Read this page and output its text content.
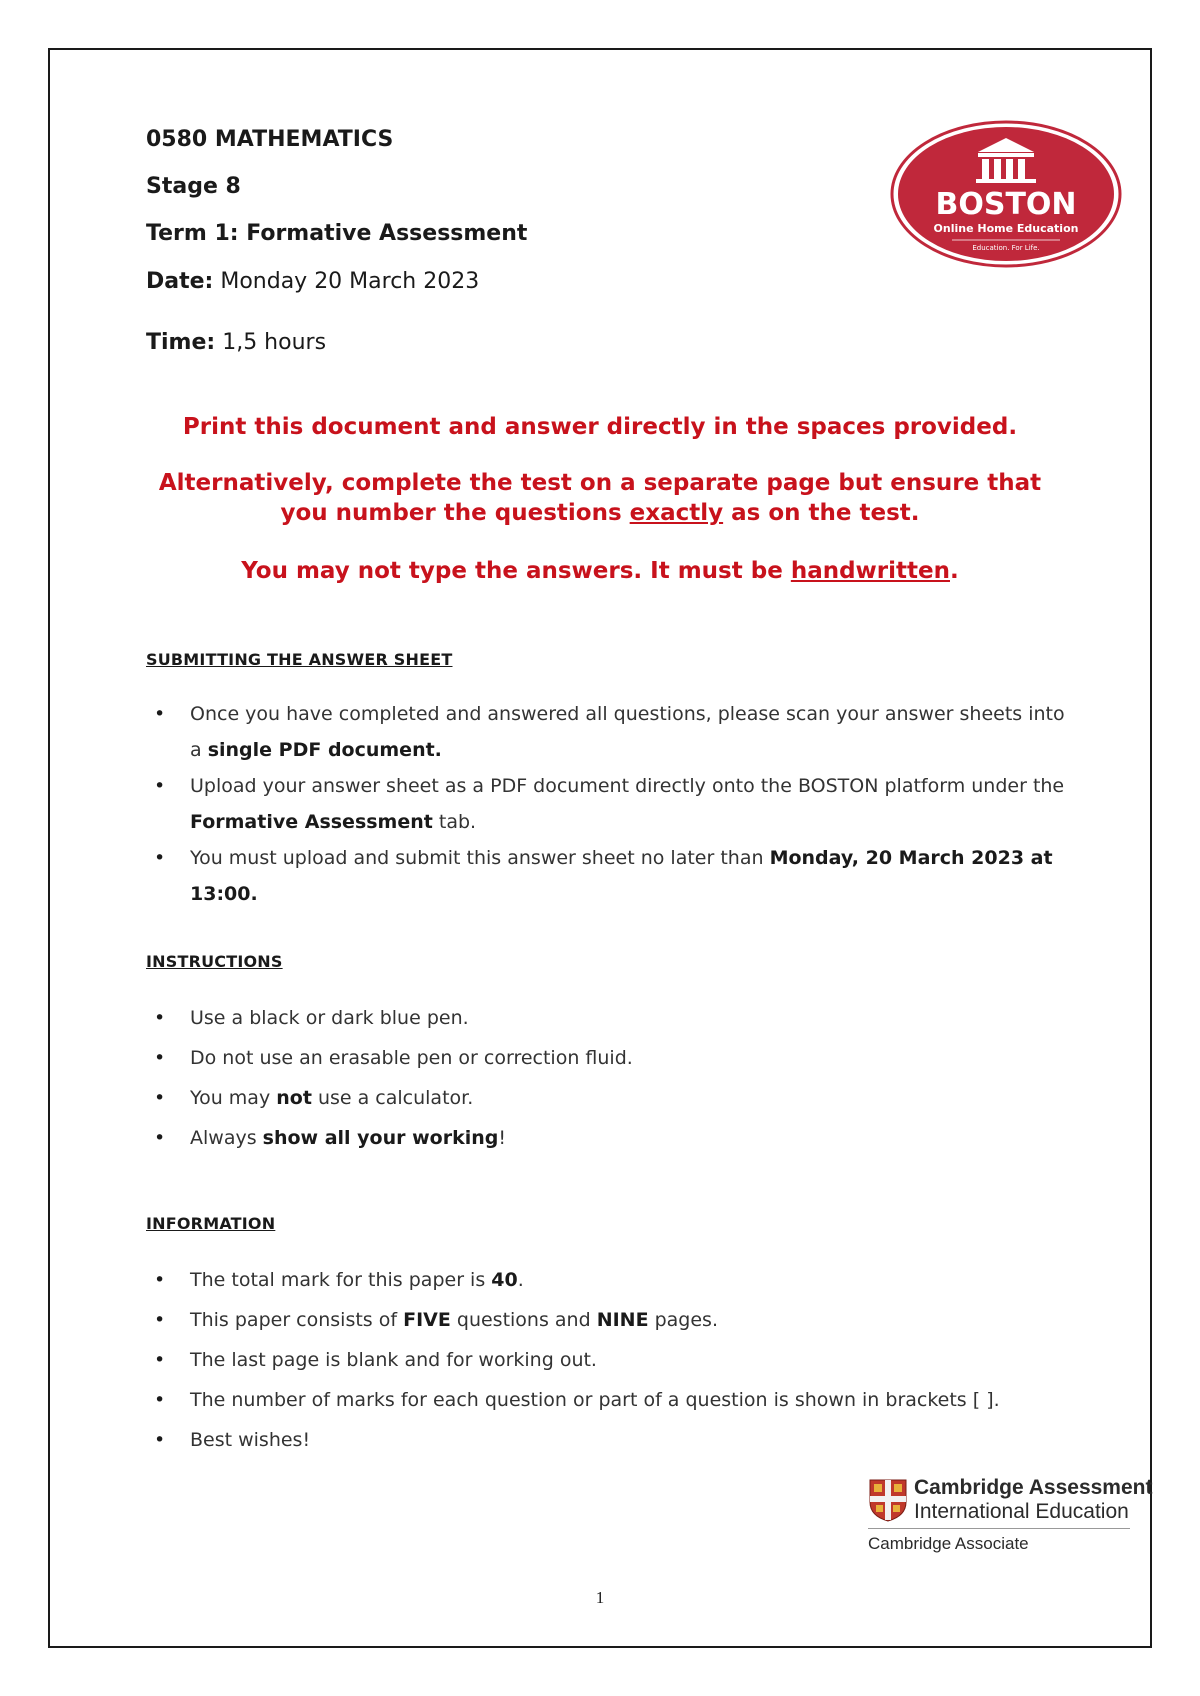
0580 MATHEMATICS
Stage 8
Term 1: Formative Assessment
Date: Monday 20 March 2023
Time: 1,5 hours
BOSTON
Online Home Education
Education. For Life.
Print this document and answer directly in the spaces provided.
Alternatively, complete the test on a separate page but ensure that
you number the questions exactly as on the test.
You may not type the answers. It must be handwritten.
SUBMITTING THE ANSWER SHEET
• Once you have completed and answered all questions, please scan your answer sheets into a single PDF document.
• Upload your answer sheet as a PDF document directly onto the BOSTON platform under the Formative Assessment tab.
• You must upload and submit this answer sheet no later than Monday, 20 March 2023 at 13:00.
INSTRUCTIONS
• Use a black or dark blue pen.
• Do not use an erasable pen or correction fluid.
• You may not use a calculator.
• Always show all your working!
INFORMATION
• The total mark for this paper is 40.
• This paper consists of FIVE questions and NINE pages.
• The last page is blank and for working out.
• The number of marks for each question or part of a question is shown in brackets [ ].
• Best wishes!
Cambridge Assessment
International Education
Cambridge Associate
1
